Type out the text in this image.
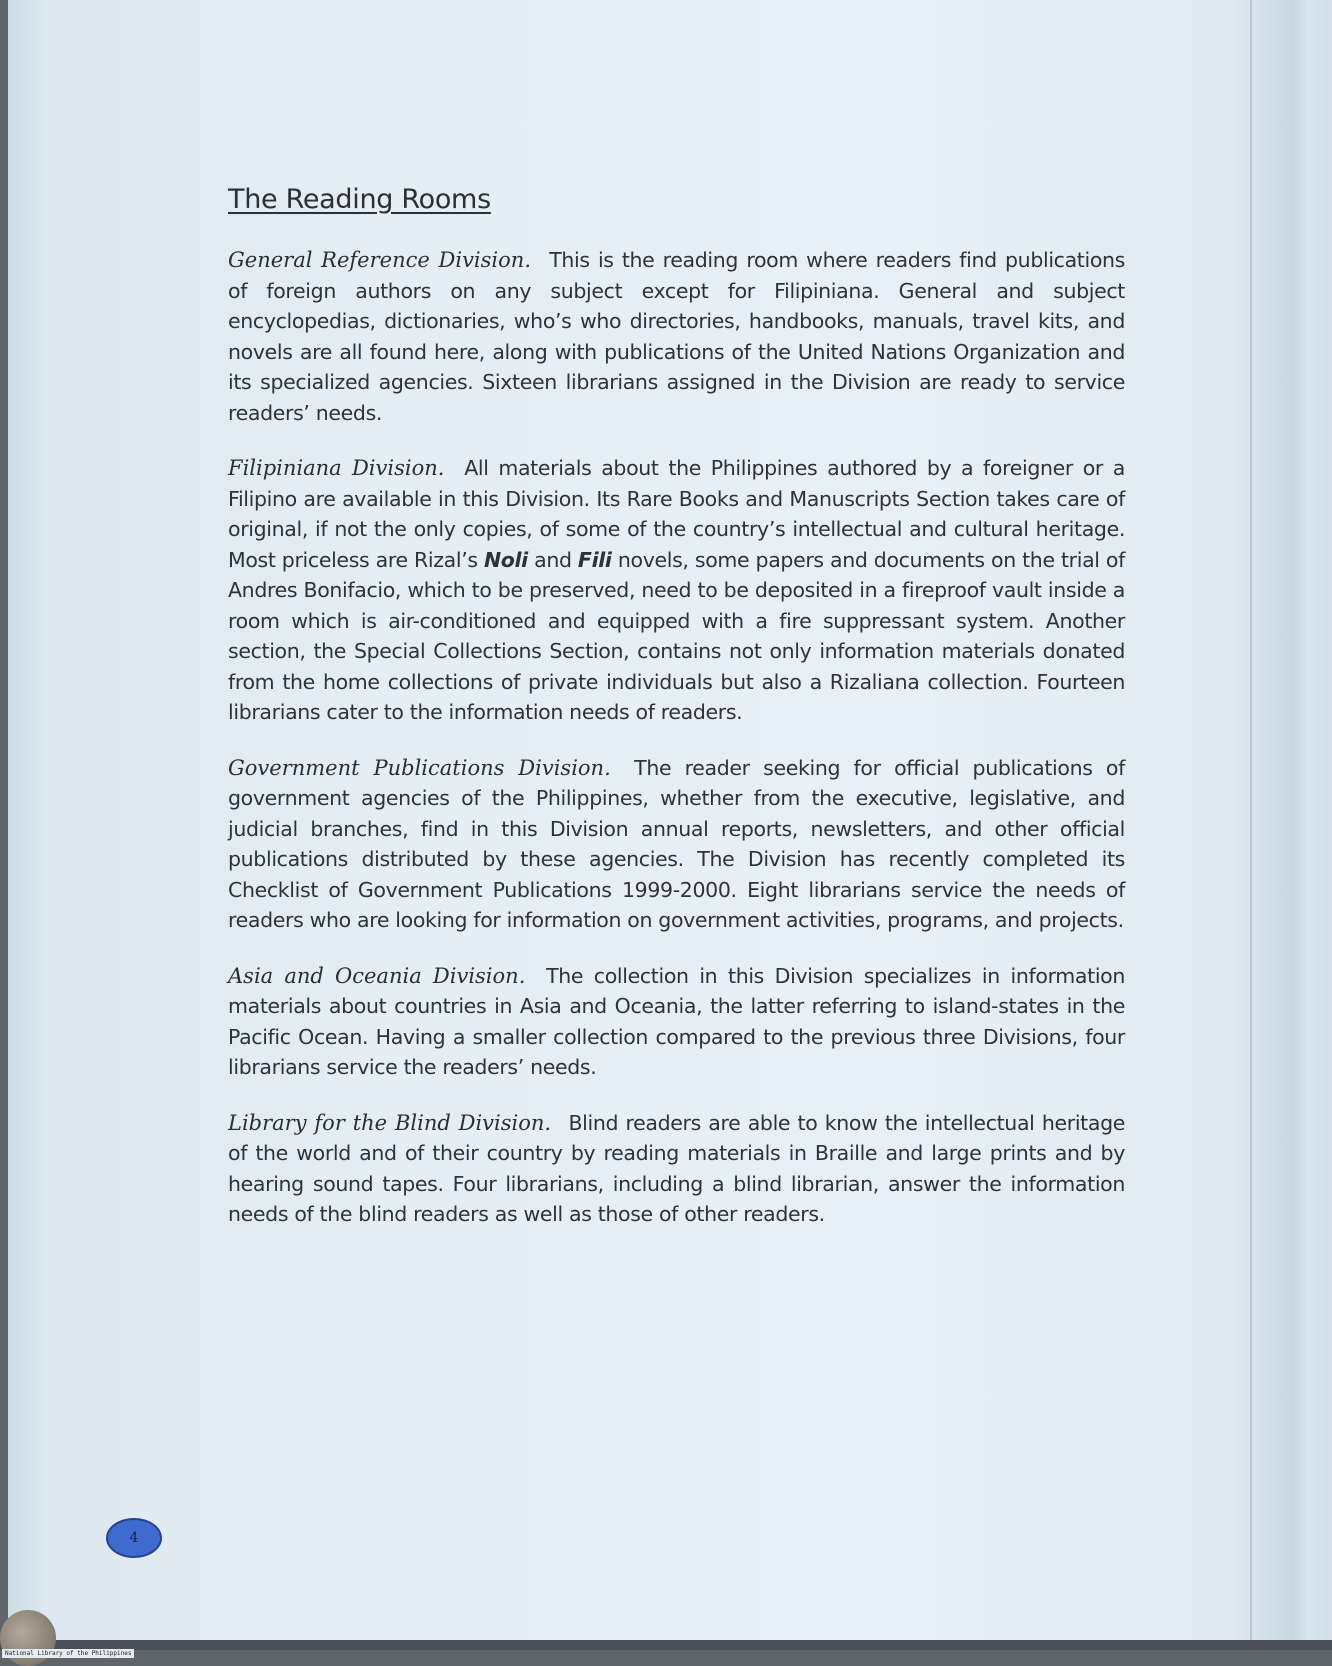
The Reading Rooms

General Reference Division. This is the reading room where readers find publications of foreign authors on any subject except for Filipiniana. General and subject encyclopedias, dictionaries, who’s who directories, handbooks, manuals, travel kits, and novels are all found here, along with publications of the United Nations Organization and its specialized agencies. Sixteen librarians assigned in the Division are ready to service readers’ needs.

Filipiniana Division. All materials about the Philippines authored by a foreigner or a Filipino are available in this Division. Its Rare Books and Manuscripts Section takes care of original, if not the only copies, of some of the country’s intellectual and cultural heritage. Most priceless are Rizal’s Noli and Fili novels, some papers and documents on the trial of Andres Bonifacio, which to be preserved, need to be deposited in a fireproof vault inside a room which is air-conditioned and equipped with a fire suppressant system. Another section, the Special Collections Section, contains not only information materials donated from the home collections of private individuals but also a Rizaliana collection. Fourteen librarians cater to the information needs of readers.

Government Publications Division. The reader seeking for official publications of government agencies of the Philippines, whether from the executive, legislative, and judicial branches, find in this Division annual reports, newsletters, and other official publications distributed by these agencies. The Division has recently completed its Checklist of Government Publications 1999-2000. Eight librarians service the needs of readers who are looking for information on government activities, programs, and projects.

Asia and Oceania Division. The collection in this Division specializes in information materials about countries in Asia and Oceania, the latter referring to island-states in the Pacific Ocean. Having a smaller collection compared to the previous three Divisions, four librarians service the readers’ needs.

Library for the Blind Division. Blind readers are able to know the intellectual heritage of the world and of their country by reading materials in Braille and large prints and by hearing sound tapes. Four librarians, including a blind librarian, answer the information needs of the blind readers as well as those of other readers.

4
National Library of the Philippines
